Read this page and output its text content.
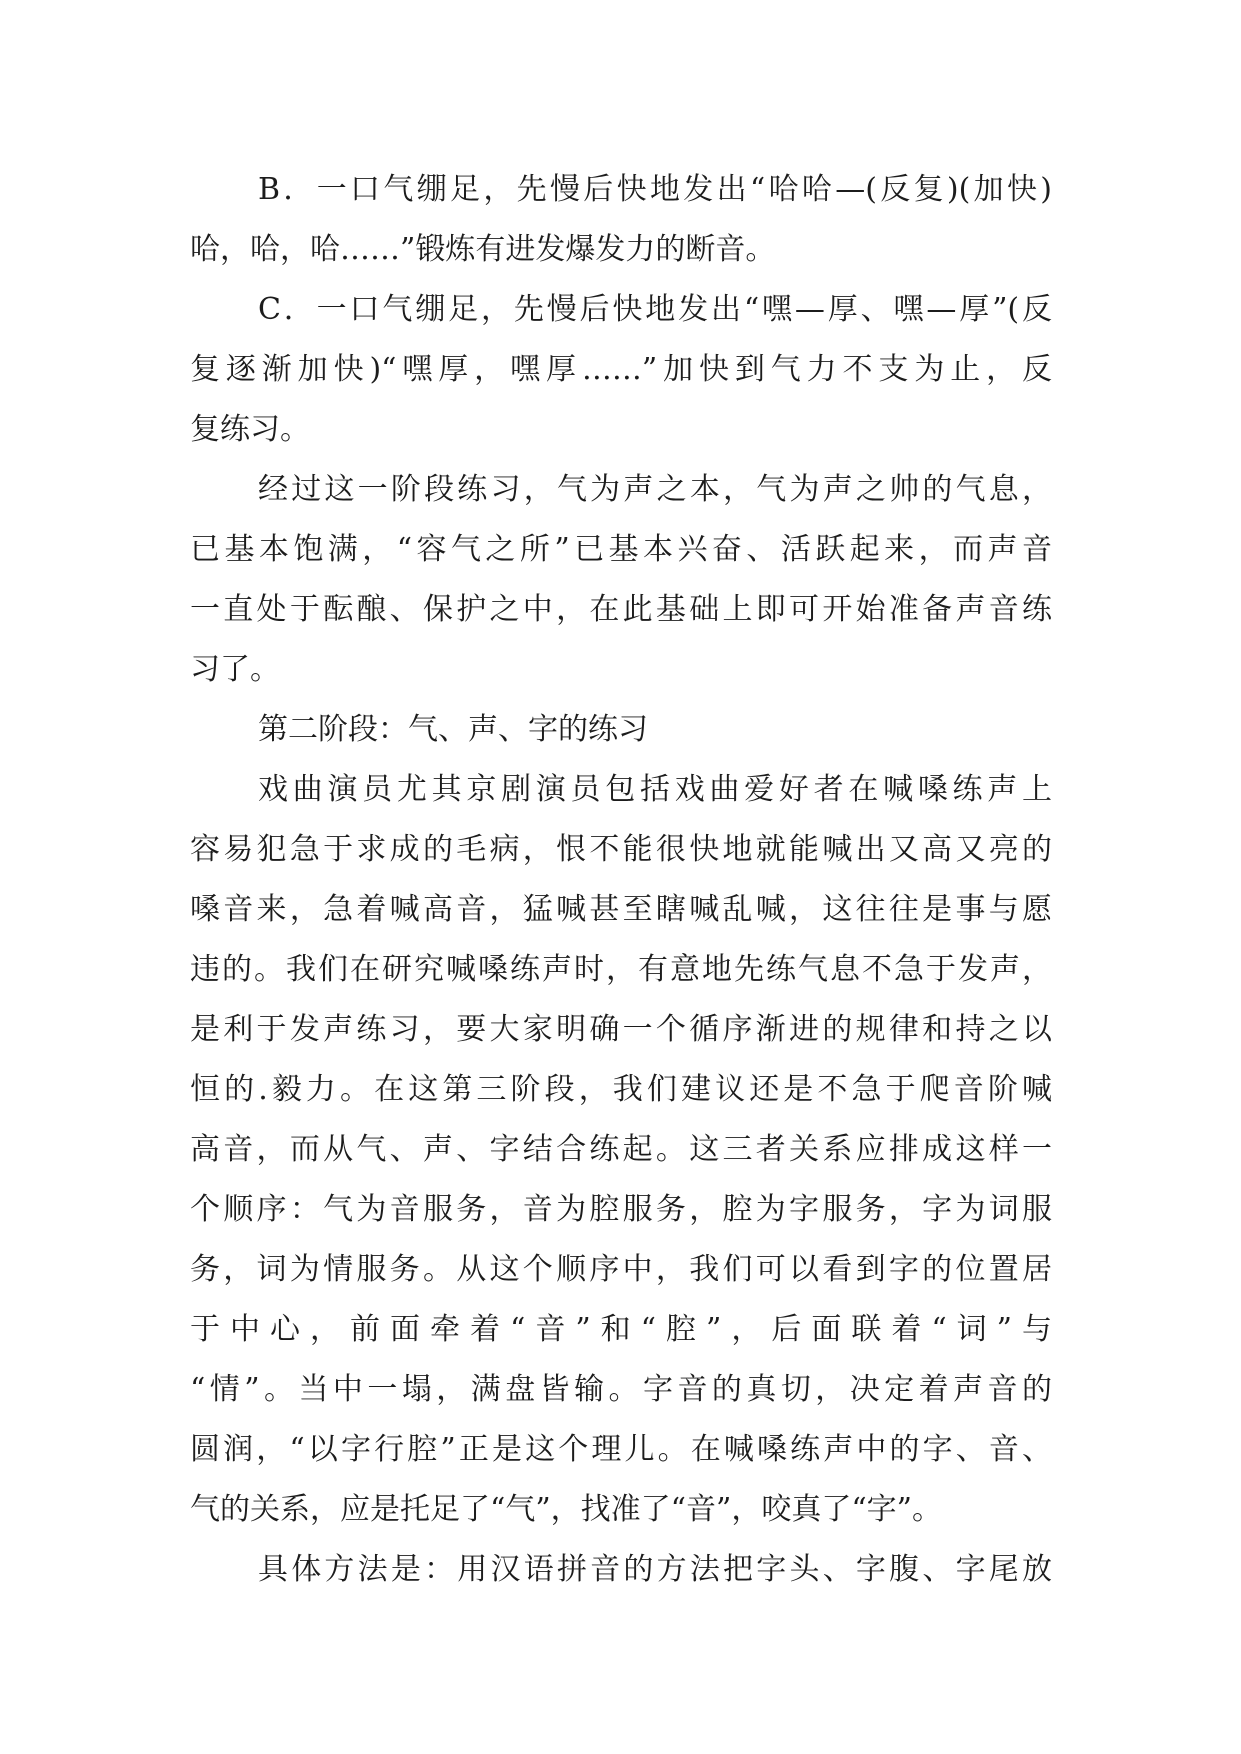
B．一口气绷足，先慢后快地发出“哈哈—(反复)(加快)
哈，哈，哈……”锻炼有进发爆发力的断音。
C．一口气绷足，先慢后快地发出“嘿—厚、嘿—厚”(反
复逐渐加快)“嘿厚，嘿厚……”加快到气力不支为止，反
复练习。
经过这一阶段练习，气为声之本，气为声之帅的气息，
已基本饱满，“容气之所”已基本兴奋、活跃起来，而声音
一直处于酝酿、保护之中，在此基础上即可开始准备声音练
习了。
第二阶段：气、声、字的练习
戏曲演员尤其京剧演员包括戏曲爱好者在喊嗓练声上
容易犯急于求成的毛病，恨不能很快地就能喊出又高又亮的
嗓音来，急着喊高音，猛喊甚至瞎喊乱喊，这往往是事与愿
违的。我们在研究喊嗓练声时，有意地先练气息不急于发声，
是利于发声练习，要大家明确一个循序渐进的规律和持之以
恒的.毅力。在这第三阶段，我们建议还是不急于爬音阶喊
高音，而从气、声、字结合练起。这三者关系应排成这样一
个顺序：气为音服务，音为腔服务，腔为字服务，字为词服
务，词为情服务。从这个顺序中，我们可以看到字的位置居
于中心，前面牵着“音”和“腔”，后面联着“词”与
“情”。当中一塌，满盘皆输。字音的真切，决定着声音的
圆润，“以字行腔”正是这个理儿。在喊嗓练声中的字、音、
气的关系，应是托足了“气”，找准了“音”，咬真了“字”。
具体方法是：用汉语拼音的方法把字头、字腹、字尾放
